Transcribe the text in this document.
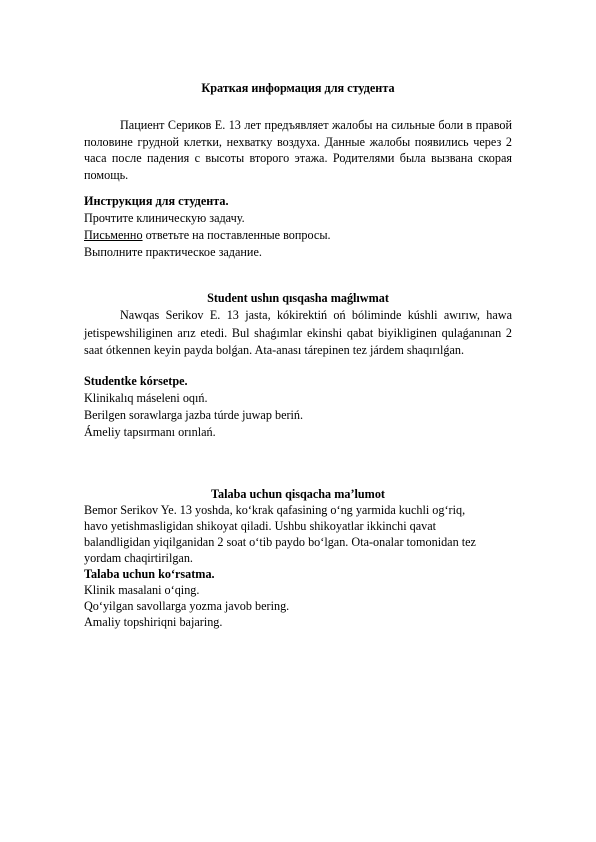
Краткая информация для студента

Пациент Сериков Е. 13 лет предъявляет жалобы на сильные боли в правой половине грудной клетки, нехватку воздуха. Данные жалобы появились через 2 часа после падения с высоты второго этажа. Родителями была вызвана скорая помощь.

Инструкция для студента.
Прочтите клиническую задачу.
Письменно ответьте на поставленные вопросы.
Выполните практическое задание.
Student ushın qısqasha maǵlıwmat

Nawqas Serikov E. 13 jasta, kókirektiń oń bóliminde kúshli awırıw, hawa jetispewshiliginen arız etedi. Bul shaǵımlar ekinshi qabat biyikliginen qulaǵanınan 2 saat ótkennen keyin payda bolǵan. Ata-anası tárepinen tez járdem shaqırılǵan.

Studentke kórsetpe.
Klinikalıq máseleni oqıń.
Berilgen sorawlarga jazba túrde juwap beriń.
Ámeliy tapsırmanı orınlań.
Talaba uchun qisqacha ma’lumot
Bemor Serikov Ye. 13 yoshda, ko‘krak qafasining o‘ng yarmida kuchli og‘riq,
havo yetishmasligidan shikoyat qiladi. Ushbu shikoyatlar ikkinchi qavat
balandligidan yiqilganidan 2 soat o‘tib paydo bo‘lgan. Ota-onalar tomonidan tez
yordam chaqirtirilgan.
Talaba uchun ko‘rsatma.
Klinik masalani o‘qing.
Qo‘yilgan savollarga yozma javob bering.
Amaliy topshiriqni bajaring.
